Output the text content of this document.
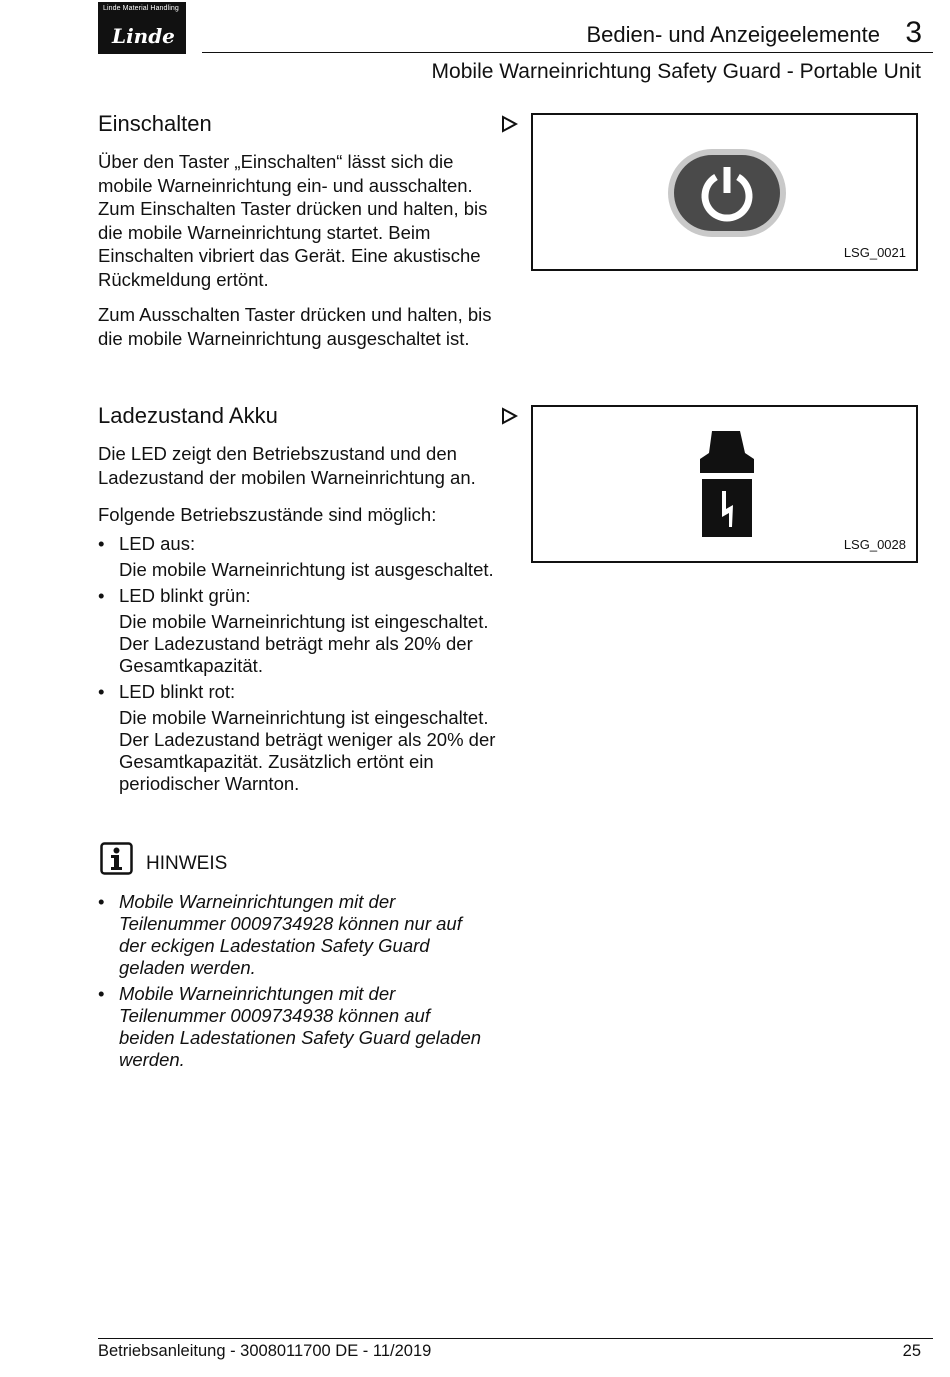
Linde Material Handling
Linde	Bedien- und Anzeigeelemente 3
Mobile Warneinrichtung Safety Guard - Portable Unit
Einschalten

Über den Taster „Einschalten“ lässt sich die mobile Warneinrichtung ein- und ausschalten. Zum Einschalten Taster drücken und halten, bis die mobile Warneinrichtung startet. Beim Einschalten vibriert das Gerät. Eine akustische Rückmeldung ertönt.

Zum Ausschalten Taster drücken und halten, bis die mobile Warneinrichtung ausgeschaltet ist.

LSG_0021
Ladezustand Akku

Die LED zeigt den Betriebszustand und den Ladezustand der mobilen Warneinrichtung an.

Folgende Betriebszustände sind möglich:

• LED aus:
Die mobile Warneinrichtung ist ausgeschaltet.
• LED blinkt grün:
Die mobile Warneinrichtung ist eingeschaltet. Der Ladezustand beträgt mehr als 20% der Gesamtkapazität.
• LED blinkt rot:
Die mobile Warneinrichtung ist eingeschaltet. Der Ladezustand beträgt weniger als 20% der Gesamtkapazität. Zusätzlich ertönt ein periodischer Warnton.
LSG_0028
HINWEIS
• Mobile Warneinrichtungen mit der Teilenummer 0009734928 können nur auf der eckigen Ladestation Safety Guard geladen werden.
• Mobile Warneinrichtungen mit der Teilenummer 0009734938 können auf beiden Ladestationen Safety Guard geladen werden.
Betriebsanleitung - 3008011700 DE - 11/2019	25
